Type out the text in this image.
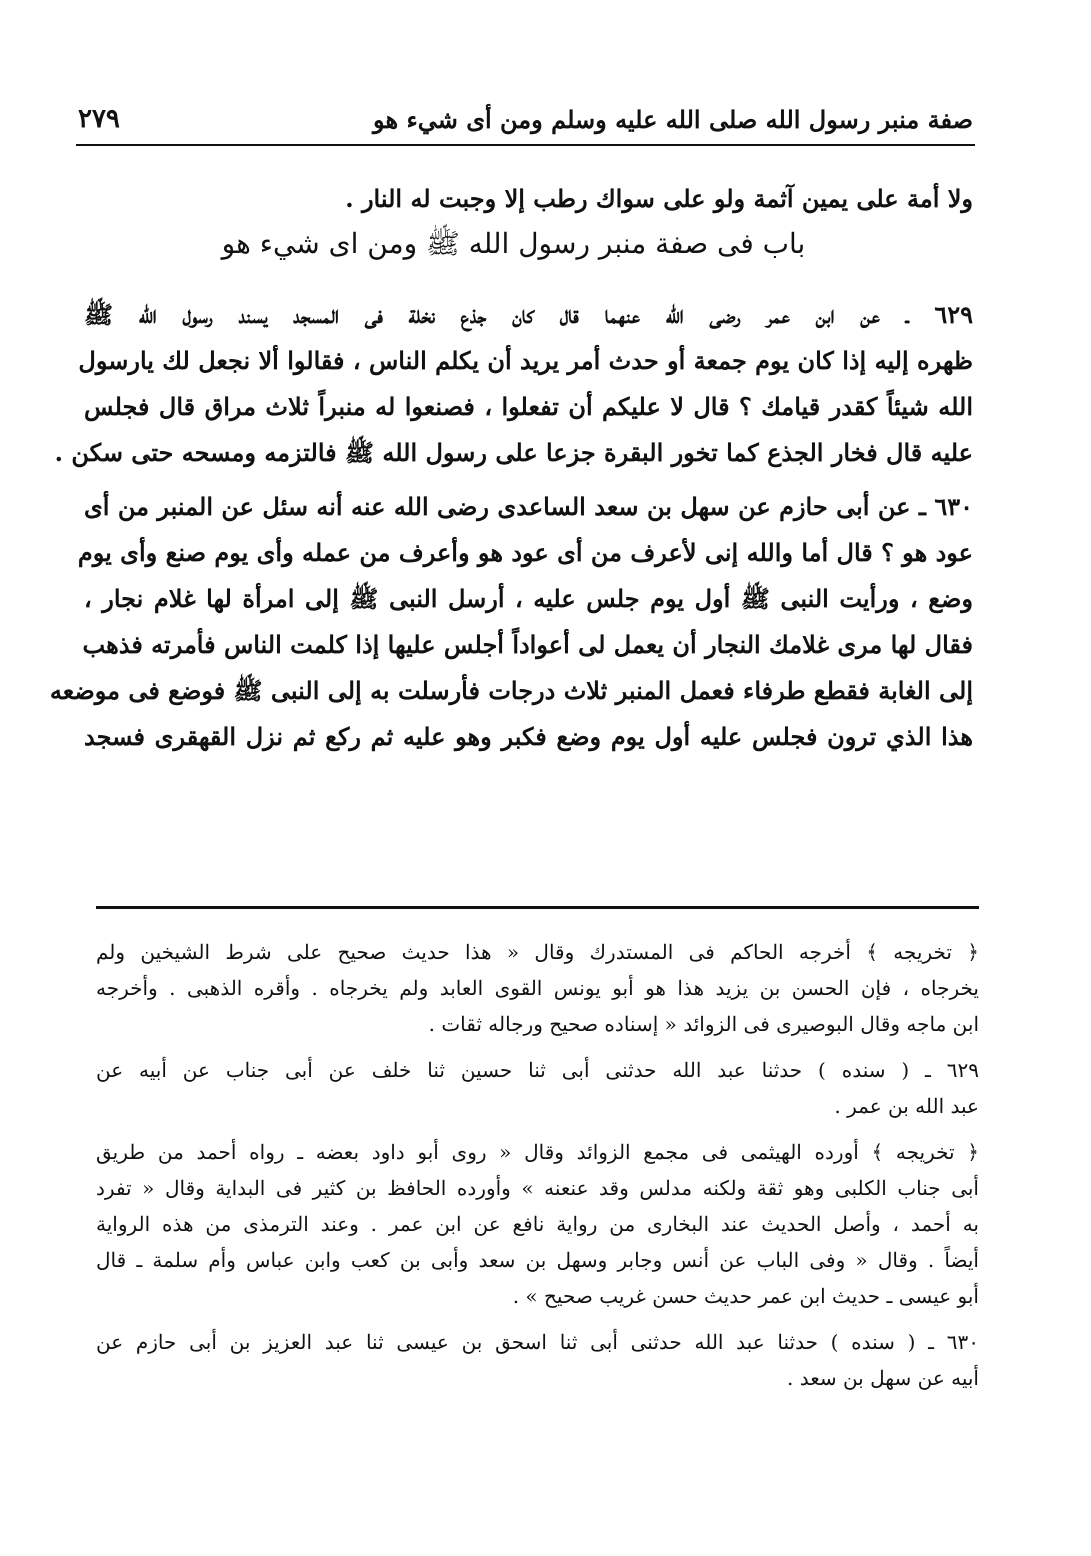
صفة منبر رسول الله صلى الله عليه وسلم ومن أى شيء هو
٢٧٩
ولا أمة على يمين آثمة ولو على سواك رطب إلا وجبت له النار .
باب فى صفة منبر رسول الله ﷺ ومن اى شيء هو
٦٢٩ ـ عن ابن عمر رضى الله عنهما قال كان جذع نخلة فى المسجد يسند رسول الله ﷺ
ظهره إليه إذا كان يوم جمعة أو حدث أمر يريد أن يكلم الناس ، فقالوا ألا نجعل لك يارسول
الله شيئاً كقدر قيامك ؟ قال لا عليكم أن تفعلوا ، فصنعوا له منبراً ثلاث مراق قال فجلس
عليه قال فخار الجذع كما تخور البقرة جزعا على رسول الله ﷺ فالتزمه ومسحه حتى سكن .
٦٣٠ ـ عن أبى حازم عن سهل بن سعد الساعدى رضى الله عنه أنه سئل عن المنبر من أى
عود هو ؟ قال أما والله إنى لأعرف من أى عود هو وأعرف من عمله وأى يوم صنع وأى يوم
وضع ، ورأيت النبى ﷺ أول يوم جلس عليه ، أرسل النبى ﷺ إلى امرأة لها غلام نجار ،
فقال لها مرى غلامك النجار أن يعمل لى أعواداً أجلس عليها إذا كلمت الناس فأمرته فذهب
إلى الغابة فقطع طرفاء فعمل المنبر ثلاث درجات فأرسلت به إلى النبى ﷺ فوضع فى موضعه
هذا الذي ترون فجلس عليه أول يوم وضع فكبر وهو عليه ثم ركع ثم نزل القهقرى فسجد
﴿ تخريجه ﴾ أخرجه الحاكم فى المستدرك وقال « هذا حديث صحيح على شرط الشيخين ولم
يخرجاه ، فإن الحسن بن يزيد هذا هو أبو يونس القوى العابد ولم يخرجاه . وأقره الذهبى . وأخرجه
ابن ماجه وقال البوصيرى فى الزوائد « إسناده صحيح ورجاله ثقات .
٦٢٩ ـ ( سنده ) حدثنا عبد الله حدثنى أبى ثنا حسين ثنا خلف عن أبى جناب عن أبيه عن
عبد الله بن عمر .
﴿ تخريجه ﴾ أورده الهيثمى فى مجمع الزوائد وقال « روى أبو داود بعضه ـ رواه أحمد من طريق
أبى جناب الكلبى وهو ثقة ولكنه مدلس وقد عنعنه » وأورده الحافظ بن كثير فى البداية وقال « تفرد
به أحمد ، وأصل الحديث عند البخارى من رواية نافع عن ابن عمر . وعند الترمذى من هذه الرواية
أيضاً . وقال « وفى الباب عن أنس وجابر وسهل بن سعد وأبى بن كعب وابن عباس وأم سلمة ـ قال
أبو عيسى ـ حديث ابن عمر حديث حسن غريب صحيح » .
٦٣٠ ـ ( سنده ) حدثنا عبد الله حدثنى أبى ثنا اسحق بن عيسى ثنا عبد العزيز بن أبى حازم عن
أبيه عن سهل بن سعد .
